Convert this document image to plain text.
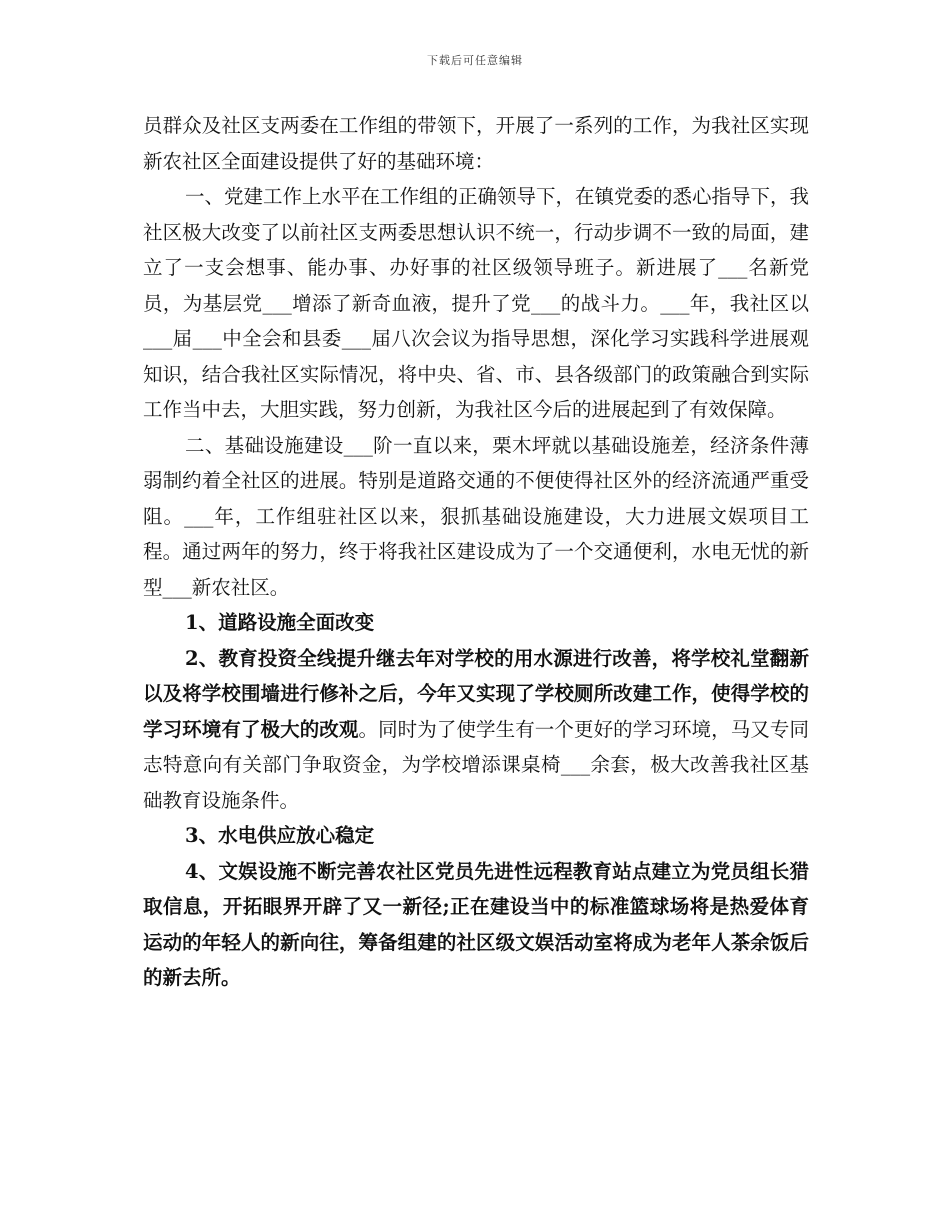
下载后可任意编辑

员群众及社区支两委在工作组的带领下，开展了一系列的工作，为我社区实现新农社区全面建设提供了好的基础环境：

一、党建工作上水平在工作组的正确领导下，在镇党委的悉心指导下，我社区极大改变了以前社区支两委思想认识不统一，行动步调不一致的局面，建立了一支会想事、能办事、办好事的社区级领导班子。新进展了___名新党员，为基层党___增添了新奇血液，提升了党___的战斗力。___年，我社区以___届___中全会和县委___届八次会议为指导思想，深化学习实践科学进展观知识，结合我社区实际情况，将中央、省、市、县各级部门的政策融合到实际工作当中去，大胆实践，努力创新，为我社区今后的进展起到了有效保障。

二、基础设施建设___阶一直以来，栗木坪就以基础设施差，经济条件薄弱制约着全社区的进展。特别是道路交通的不便使得社区外的经济流通严重受阻。___年，工作组驻社区以来，狠抓基础设施建设，大力进展文娱项目工程。通过两年的努力，终于将我社区建设成为了一个交通便利，水电无忧的新型___新农社区。

1、道路设施全面改变

2、教育投资全线提升继去年对学校的用水源进行改善，将学校礼堂翻新以及将学校围墙进行修补之后，今年又实现了学校厕所改建工作，使得学校的学习环境有了极大的改观。同时为了使学生有一个更好的学习环境，马又专同志特意向有关部门争取资金，为学校增添课桌椅___余套，极大改善我社区基础教育设施条件。

3、水电供应放心稳定

4、文娱设施不断完善农社区党员先进性远程教育站点建立为党员组长猎取信息，开拓眼界开辟了又一新径;正在建设当中的标准篮球场将是热爱体育运动的年轻人的新向往，筹备组建的社区级文娱活动室将成为老年人茶余饭后的新去所。
